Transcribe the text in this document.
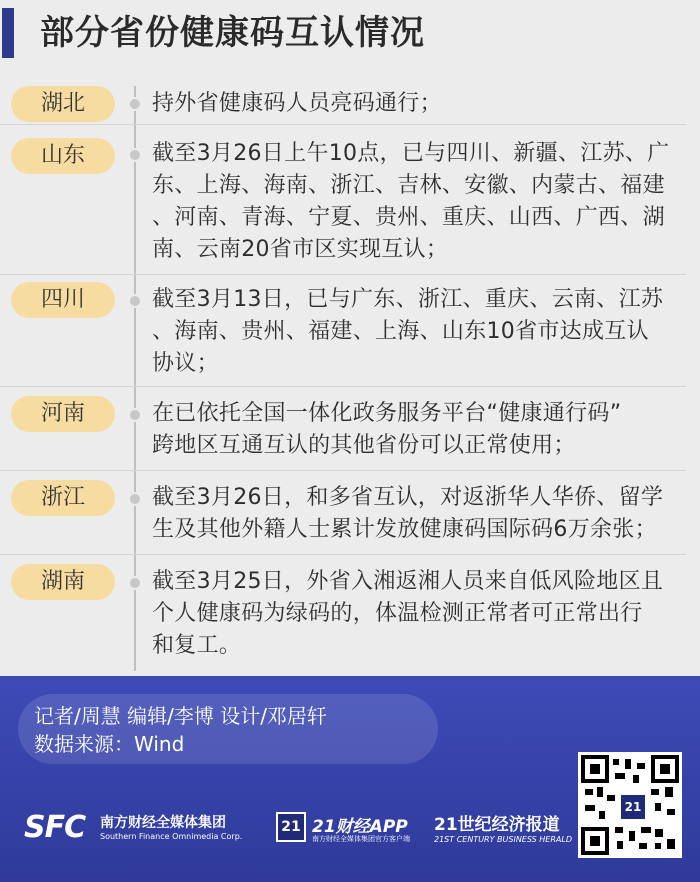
部分省份健康码互认情况
湖北	持外省健康码人员亮码通行；
山东	截至3月26日上午10点，已与四川、新疆、江苏、广
东、上海、海南、浙江、吉林、安徽、内蒙古、福建
、河南、青海、宁夏、贵州、重庆、山西、广西、湖
南、云南20省市区实现互认；
四川	截至3月13日，已与广东、浙江、重庆、云南、江苏
、海南、贵州、福建、上海、山东10省市达成互认
协议；
河南	在已依托全国一体化政务服务平台“健康通行码”
跨地区互通互认的其他省份可以正常使用；
浙江	截至3月26日，和多省互认，对返浙华人华侨、留学
生及其他外籍人士累计发放健康码国际码6万余张；
湖南	截至3月25日，外省入湘返湘人员来自低风险地区且
个人健康码为绿码的，体温检测正常者可正常出行
和复工。
记者/周慧 编辑/李博 设计/邓居轩
数据来源：Wind
SFC 南方财经全媒体集团
Southern Finance Omnimedia Corp.
21 21财经APP
南方财经全媒体集团官方客户端
21世纪经济报道
21ST CENTURY BUSINESS HERALD
21
